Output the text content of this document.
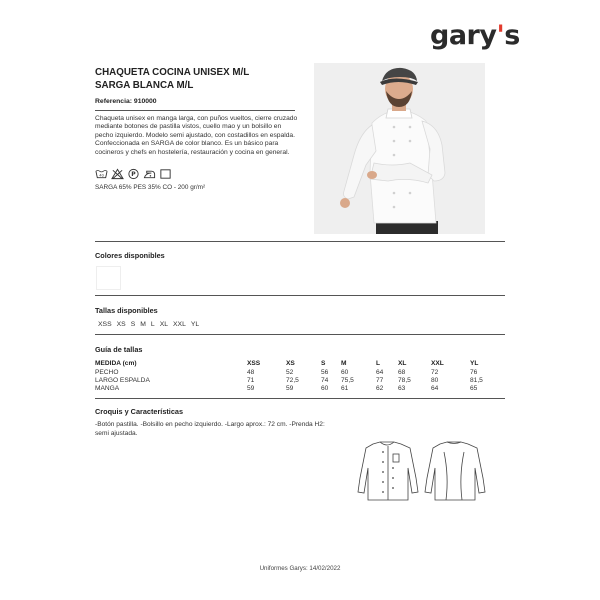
gary's
CHAQUETA COCINA UNISEX M/L
SARGA BLANCA M/L
Referencia: 910000
Chaqueta unisex en manga larga, con puños vueltos, cierre cruzado mediante botones de pastilla vistos, cuello mao y un bolsillo en pecho izquierdo. Modelo semi ajustado, con costadillos en espalda. Confeccionada en SARGA de color blanco. Es un básico para cocineros y chefs en hostelería, restauración y cocina en general.
40	P
SARGA 65% PES 35% CO - 200 gr/m²
Colores disponibles
Tallas disponibles
XSS XS S M L XL XXL YL
Guía de tallas
MEDIDA (cm)	XSS	XS	S M	L	XL	XXL	YL
PECHO	48	52	56 60	64 68	72	76
LARGO ESPALDA	71	72,5	74 75,5	77 78,5	80	81,5
MANGA	59	59	60 61	62 63	64	65
Croquis y Características
-Botón pastilla. -Bolsillo en pecho izquierdo. -Largo aprox.: 72 cm. -Prenda H2: semi ajustada.
Uniformes Garys: 14/02/2022
